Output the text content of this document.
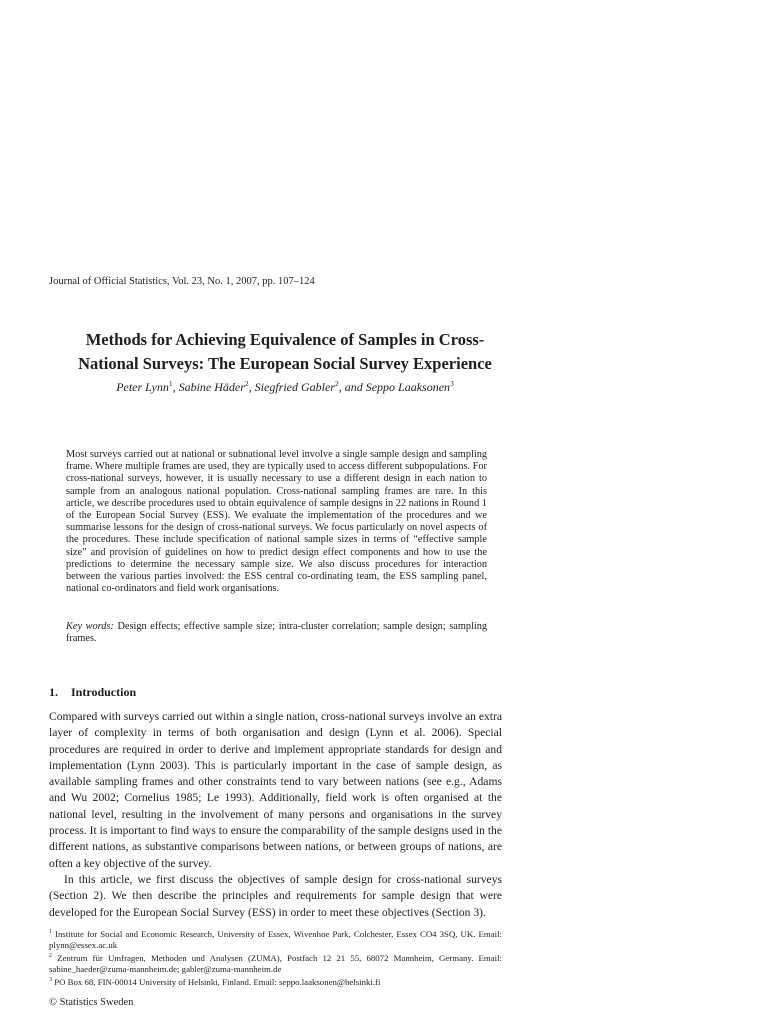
Journal of Official Statistics, Vol. 23, No. 1, 2007, pp. 107–124
Methods for Achieving Equivalence of Samples in Cross-
National Surveys: The European Social Survey Experience
Peter Lynn$^1$, Sabine Häder$^2$, Siegfried Gabler$^2$, and Seppo Laaksonen$^3$

Most surveys carried out at national or subnational level involve a single sample design and sampling frame. Where multiple frames are used, they are typically used to access different subpopulations. For cross-national surveys, however, it is usually necessary to use a different design in each nation to sample from an analogous national population. Cross-national sampling frames are rare. In this article, we describe procedures used to obtain equivalence of sample designs in 22 nations in Round 1 of the European Social Survey (ESS). We evaluate the implementation of the procedures and we summarise lessons for the design of cross-national surveys. We focus particularly on novel aspects of the procedures. These include specification of national sample sizes in terms of “effective sample size” and provision of guidelines on how to predict design effect components and how to use the predictions to determine the necessary sample size. We also discuss procedures for interaction between the various parties involved: the ESS central co-ordinating team, the ESS sampling panel, national co-ordinators and field work organisations.

Key words: Design effects; effective sample size; intra-cluster correlation; sample design; sampling frames.

1. Introduction

Compared with surveys carried out within a single nation, cross-national surveys involve an extra layer of complexity in terms of both organisation and design (Lynn et al. 2006). Special procedures are required in order to derive and implement appropriate standards for design and implementation (Lynn 2003). This is particularly important in the case of sample design, as available sampling frames and other constraints tend to vary between nations (see e.g., Adams and Wu 2002; Cornelius 1985; Le 1993). Additionally, field work is often organised at the national level, resulting in the involvement of many persons and organisations in the survey process. It is important to find ways to ensure the comparability of the sample designs used in the different nations, as substantive comparisons between nations, or between groups of nations, are often a key objective of the survey.

In this article, we first discuss the objectives of sample design for cross-national surveys (Section 2). We then describe the principles and requirements for sample design that were developed for the European Social Survey (ESS) in order to meet these objectives (Section 3).

$^1$ Institute for Social and Economic Research, University of Essex, Wivenhoe Park, Colchester, Essex CO4 3SQ, UK. Email: plynn@essex.ac.uk
$^2$ Zentrum für Umfragen, Methoden und Analysen (ZUMA), Postfach 12 21 55, 68072 Mannheim, Germany. Email: sabine_haeder@zuma-mannheim.de; gabler@zuma-mannheim.de
$^3$ PO Box 68, FIN-00014 University of Helsinki, Finland. Email: seppo.laaksonen@helsinki.fi
© Statistics Sweden
